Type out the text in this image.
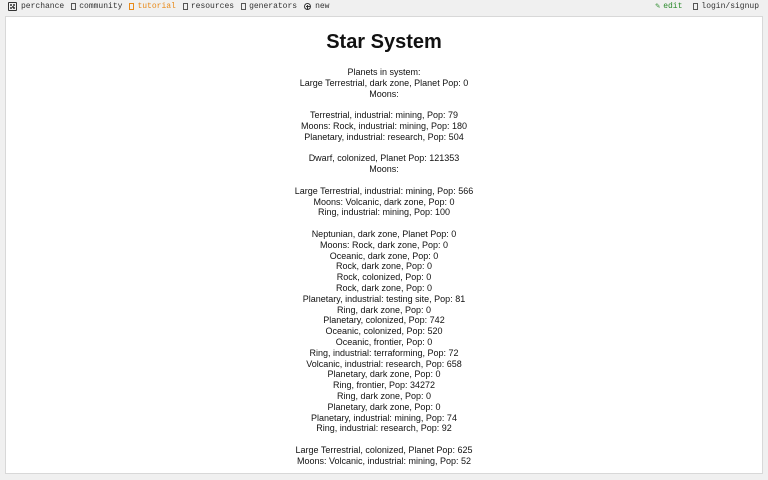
perchance community tutorial resources generators new	✎ edit login/signup
Star System
Planets in system:
Large Terrestrial, dark zone, Planet Pop: 0
Moons:
Terrestrial, industrial: mining, Pop: 79
Moons: Rock, industrial: mining, Pop: 180
Planetary, industrial: research, Pop: 504
Dwarf, colonized, Planet Pop: 121353
Moons:
Large Terrestrial, industrial: mining, Pop: 566
Moons: Volcanic, dark zone, Pop: 0
Ring, industrial: mining, Pop: 100
Neptunian, dark zone, Planet Pop: 0
Moons: Rock, dark zone, Pop: 0
Oceanic, dark zone, Pop: 0
Rock, dark zone, Pop: 0
Rock, colonized, Pop: 0
Rock, dark zone, Pop: 0
Planetary, industrial: testing site, Pop: 81
Ring, dark zone, Pop: 0
Planetary, colonized, Pop: 742
Oceanic, colonized, Pop: 520
Oceanic, frontier, Pop: 0
Ring, industrial: terraforming, Pop: 72
Volcanic, industrial: research, Pop: 658
Planetary, dark zone, Pop: 0
Ring, frontier, Pop: 34272
Ring, dark zone, Pop: 0
Planetary, dark zone, Pop: 0
Planetary, industrial: mining, Pop: 74
Ring, industrial: research, Pop: 92
Large Terrestrial, colonized, Planet Pop: 625
Moons: Volcanic, industrial: mining, Pop: 52
